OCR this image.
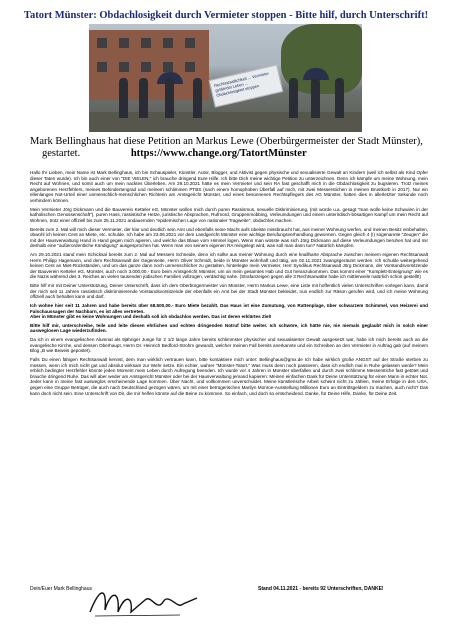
Tatort Münster: Obdachlosigkeit durch Vermieter stoppen - Bitte hilf, durch Unterschrift!
Rechtsstaatlichkeit ... Vermieter gefährdet Leben ... Obdachlosigkeit stoppen
Mark Bellinghaus hat diese Petition an Markus Lewe (Oberbürgermeister der Stadt Münster),
gestartet.	https://www.change.org/TatortMünster

Hallo Ihr Lieben, mein Name ist Mark Bellinghaus, ich bin Schauspieler, Künstler, Autor, Blogger, und Aktivist gegen physische und sexualisierte Gewalt an Kindern (weil ich selbst als Kind Opfer dieser Taten wurde). Ich bin auch einer von "DIE VIELEN," ich brauche dringend Eure Hilfe. Ich bitte Dich meine wichtige Petition zu unterzeichnen. Denn ich kämpfe um meine Wohnung, mein Recht auf Wohnen, und somit auch um mein nacktes Überleben. Am 29.10.2021 hätte es mein Vermieter und sein RA fast geschafft mich in die Obdachlosigkeit zu bugsieren. Trotz meines angeborenen Herzfehlers, meines Behindertengrad und meinem schlimmen PTBS (nach einem homophoben Überfall auf mich, mit zwei Messerstichen in meinen Brustkorb in 2017). Nur ein ellenlanges Not-Urteil einer unmenschlich-menschlichen Richterin am Amtsgericht Münster, und eines besonnenen Rechtspflegers des AG Münster, hatten dies in allerletzter Sekunde noch verhindern können.

Mein Vermieter Jörg Dickmann und die Bauverein Ketteler eG, Münster wollen mich durch puren Rassismus, sexuelle Diskriminierung, (mit worde u.a. gesagt "man wolle keine Schwulen in der katholischen Genossenschaft"), puren Hass, rassistische Hetze, juristische Absprachen, Rufmord, Gruppenmobbing, Verleumdungen und einem unterirdisch-bösartigen Kampf um mein Recht auf Wohnen, trotz einer offiziell bis zum 25.11.2021 andauernden "epidemischen Lage von nationaler Tragweite", obdachlos machen.

Bereits zum 2. Mal will mich dieser Vermieter, der klar und deutlich sein Amt und ebenfalls seine Macht aufs übelste missbraucht hat, aus meiner Wohnung werfen, und meinen Besitz einbehalten, obwohl ich keinen Cent an Miete, etc. schulde. Ich habe am 23.06.2021 vor dem Landgericht Münster eine wichtige Berufungsverhandlung gewonnen. Gegen gleich 4 (!) sogenannte "Zeugen" die mit der Hausverwaltung Hand in Hand gegen mich agieren, und welche das Blaue vom Himmel logen. Wenn man wüsste was sich Jörg Dickmann auf diese Verleumdungen beruhen hat und mir deshalb eine "außerordentliche Kündigung" ausgesprochen hat. Wenn man von seinem eigenen RA reingelegt wird, was soll man dann tun? Natürlich kämpfen.

Am 29.10.2021 stand mein Schicksal bereits zum 2. Mal auf Messers Schneide, denn ich sollte aus meiner Wohnung durch eine knallharte Absprache zwischen meinem eigenen Rechtsanwalt Herrn Philipp Hagemann, und dem Rechtsanwalt der Gegenseite, Herrn Oliver Schmidt, beide in Münster wohnhaft und tätig, am 02.11.2021 zwangsgeräumt werden. Ich schulde weitergehend keinen Cent an Miet-Rückständen, und um das ganze dann noch unmenschlicher zu gestalten, hinterlegte mein Vermieter, Herr Syndikus Rechtsanwalt Jörg Dickmann, der Vorstandsvorsitzende der Bauverein Ketteler eG, Münster, auch noch 3.000,00.- Euro beim Amtsgericht Münster, um an mein gesamtes Hab und Gut heranzukommen. Das kommt einer "Komplett-Enteignung" wie es die Nazis während des 3. Reiches an vielen tausenden jüdischen Familien vollzogen, verdächtig nahe. (Strafanzeigen gegen alle 3 Rechtsanwälte habe ich mittlerweile natürlich schon gestellt!)

Bitte hilf mir mit Deiner Unterstützung, Deiner Unterschrift, dass ich dem Oberbürgermeister von Münster, Herrn Markus Lewe, eine Liste mit hoffentlich vielen Unterschriften vorlegen kann, damit der mich seit 11 Jahren rassistisch diskriminierende Vorstandsvorsitzende der ebenfalls ein Amt bei der Stadt Münster bekleidet, nun endlich zur Räson gerufen wird, und ich meine Wohnung offiziell auch behalten kann und darf.

Ich wohne hier seit 11 Jahren und habe bereits über 68.500,00.- Euro Miete bezahlt. Das Haus ist eine Zumutung, von Rattenplage, über schwarzem Schimmel, von Heizerei und Falschaussagen der Nachbarn, es ist alles vertreten.

Aber in Münster gibt es keine Wohnungen und deshalb soll ich obdachlos werden. Das ist deren erklärtes Ziel!

Bitte hilf mir, unterschreibe, teile und leite diesen ehrlichen und echten dringenden Notruf bitte weiter. Ich schwöre, ich hätte nie, nie niemals geglaubt mich in solch einer ausweglosen Lage wiederzufinden.

Da ich in einem evangelischen Alumnat als 9jähriger Junge für 2 1/2 lange Jahre bereits schlimmster physischer und sexualisierter Gewalt ausgesetzt war, habe ich mich bereits auch an die evangelische Kirche, und dessen Oberhaupt, Herrn Dr. Heinrich Bedford-Strohm gewandt, welcher meinen Fall bereits anerkannte und ein Schreiben an den Vermieter in Auftrag gab (auf meinem Blog „B wie Beweis gepostet).

Falls Du einen fähigen Rechtsanwalt kennst, dem man wirklich vertrauen kann, bitte kontaktiere mich unter: Bellinghaus@gmx.de Ich habe wirklich große ANGST auf der Straße sterben zu müssen, wenn ich mich nicht gut und absolut wirksam zur Wehr setze. Ein echter, wahrer "Münster-Tatort." Was muss denn noch passieren, dass ich endlich mal in Ruhe gelassen werde? Mein erblich bedingter Herzfehler könnte jeden Moment mein Leben durch Aufregung beenden. Ich wurde vor 4 Jahren in Münster überfallen und durch zwei schlimme Messerstiche fast getötet und brauche dringend Ruhe. Das will aber weder am Amtsgericht Münster oder bei der Hausverwaltung jemand kapieren: Meinen einfachen Dank für Deine Unterstützung für einen Mann in echter Not. Jeder kann in meine fast ausweglos erscheinende Lage kommen. Über Nacht, und vollkommen unverschuldet. Meine künstlerische Arbeit scheint nicht zu zählen, meine Erfolge in den USA, gegen eine Gruppe Betrüger, die auch nach Deutschland gezogen wären, um mit einer betrügerischen Marilyn Monroe-Ausstellung Millionen Euro an Eintrittsgeldern zu machen, auch nicht? Das kann doch nicht sein. Eine Unterschrift von Dir, die mir helfen könnte auf die Beine zu kommen. So einfach, und doch so entscheidend. Danke, für Deine Hilfe, Danke, für Deine Zeit.

Dein/Euer Mark Bellinghaus	Stand 04.11.2021 - bereits 92 Unterschriften, DANKE!
